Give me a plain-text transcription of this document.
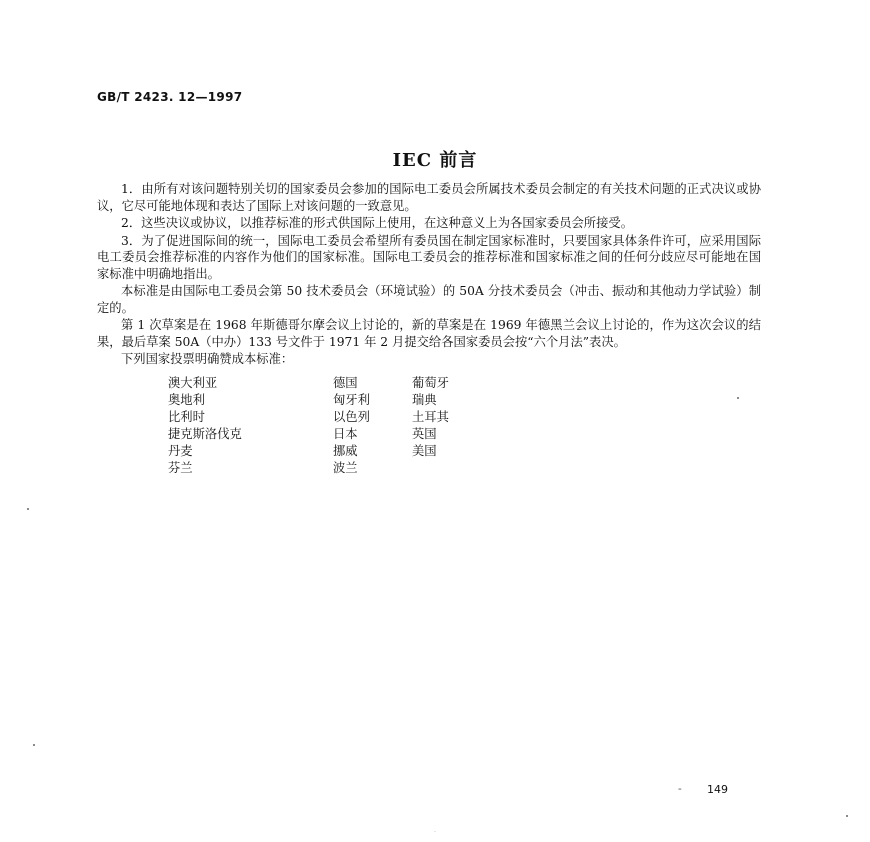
GB/T 2423. 12—1997
IEC 前言

1．由所有对该问题特别关切的国家委员会参加的国际电工委员会所属技术委员会制定的有关技术问题的正式决议或协议，它尽可能地体现和表达了国际上对该问题的一致意见。

2．这些决议或协议，以推荐标准的形式供国际上使用，在这种意义上为各国家委员会所接受。

3．为了促进国际间的统一，国际电工委员会希望所有委员国在制定国家标准时，只要国家具体条件许可，应采用国际电工委员会推荐标准的内容作为他们的国家标准。国际电工委员会的推荐标准和国家标准之间的任何分歧应尽可能地在国家标准中明确地指出。

本标准是由国际电工委员会第 50 技术委员会（环境试验）的 50A 分技术委员会（冲击、振动和其他动力学试验）制定的。

第 1 次草案是在 1968 年斯德哥尔摩会议上讨论的，新的草案是在 1969 年德黑兰会议上讨论的，作为这次会议的结果，最后草案 50A（中办）133 号文件于 1971 年 2 月提交给各国家委员会按“六个月法”表决。

下列国家投票明确赞成本标准：

澳大利亚	德国	葡萄牙
奥地利	匈牙利	瑞典
比利时	以色列	土耳其
捷克斯洛伐克	日本	英国
丹麦	挪威	美国
芬兰	波兰
- 149
·
